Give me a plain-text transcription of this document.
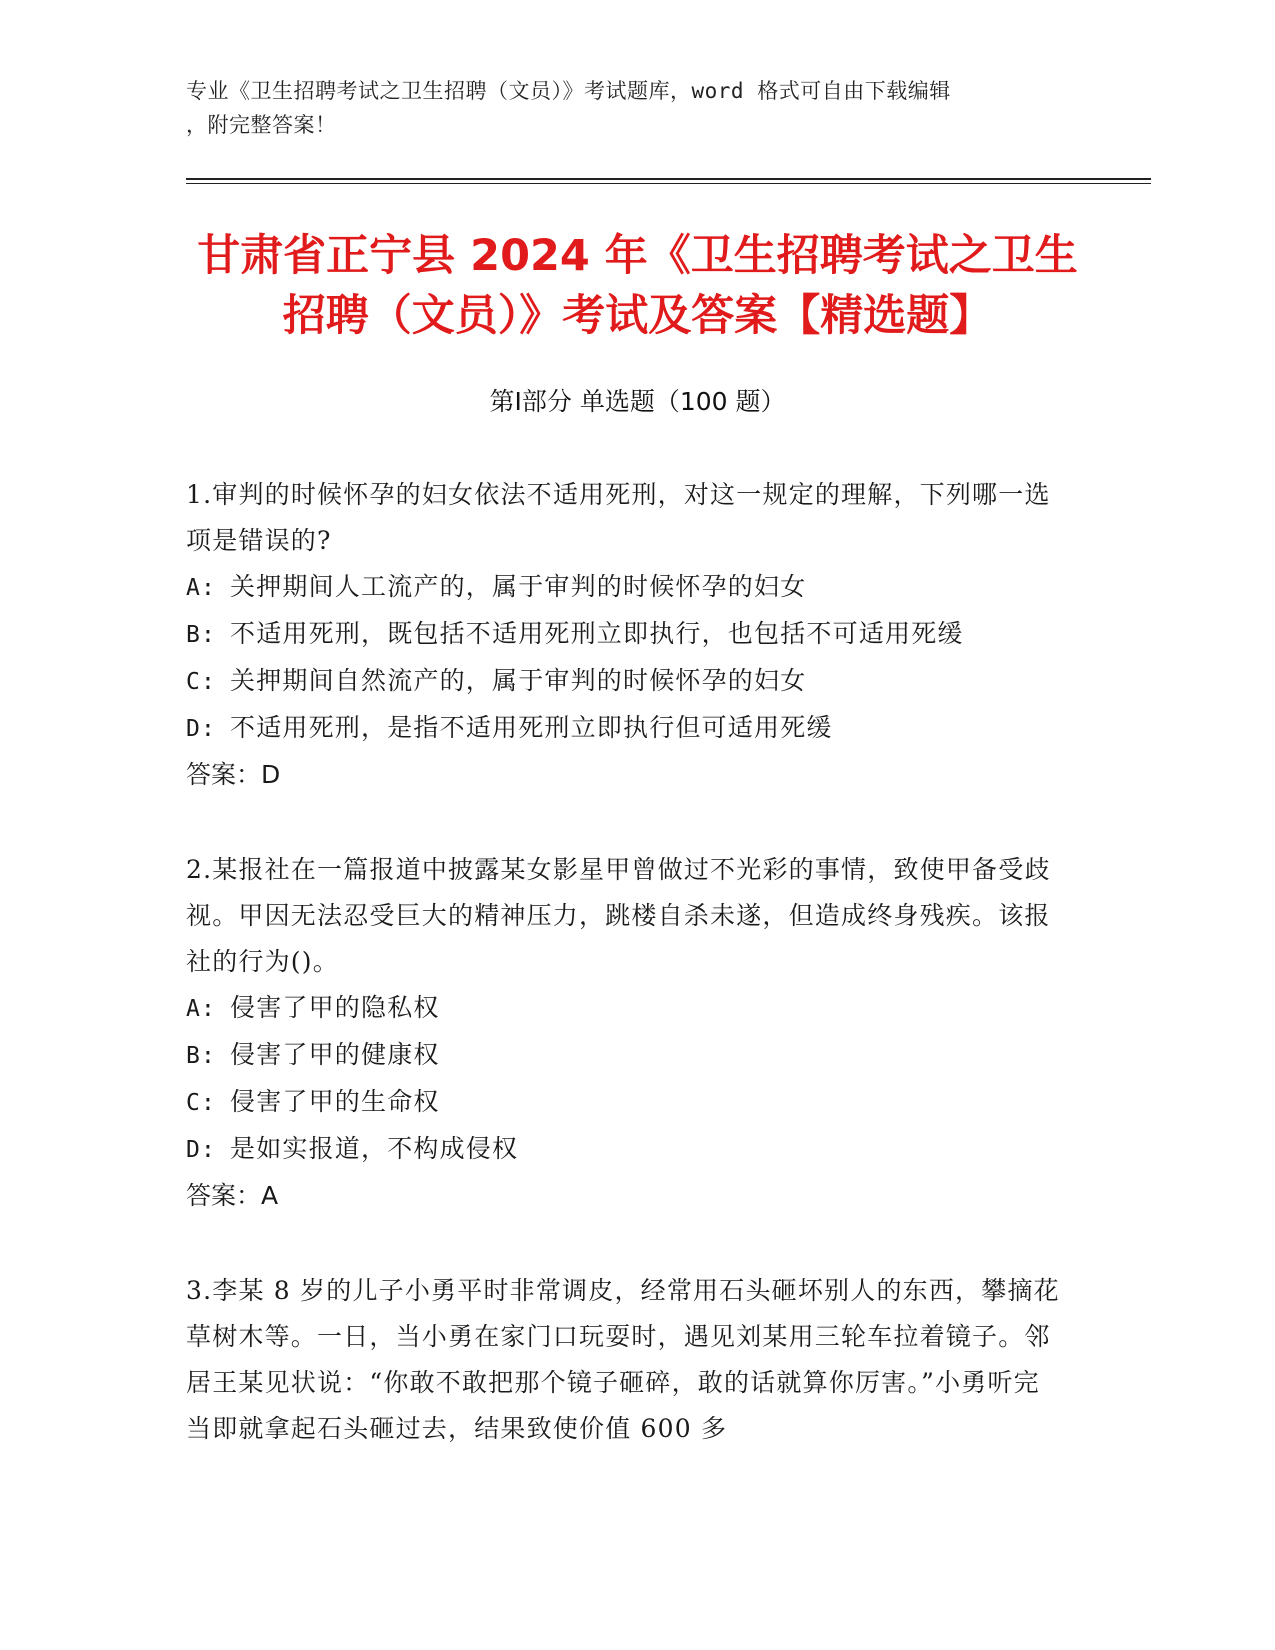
专业《卫生招聘考试之卫生招聘（文员）》考试题库，word 格式可自由下载编辑
，附完整答案！
甘肃省正宁县 2024 年《卫生招聘考试之卫生
招聘（文员）》考试及答案【精选题】
第Ⅰ部分 单选题（100 题）

1.审判的时候怀孕的妇女依法不适用死刑，对这一规定的理解，下列哪一选项是错误的?

A: 关押期间人工流产的，属于审判的时候怀孕的妇女

B: 不适用死刑，既包括不适用死刑立即执行，也包括不可适用死缓

C: 关押期间自然流产的，属于审判的时候怀孕的妇女

D: 不适用死刑，是指不适用死刑立即执行但可适用死缓

答案：D

2.某报社在一篇报道中披露某女影星甲曾做过不光彩的事情，致使甲备受歧视。甲因无法忍受巨大的精神压力，跳楼自杀未遂，但造成终身残疾。该报社的行为()。

A: 侵害了甲的隐私权

B: 侵害了甲的健康权

C: 侵害了甲的生命权

D: 是如实报道，不构成侵权

答案：A

3.李某 8 岁的儿子小勇平时非常调皮，经常用石头砸坏别人的东西，攀摘花草树木等。一日，当小勇在家门口玩耍时，遇见刘某用三轮车拉着镜子。邻居王某见状说：“你敢不敢把那个镜子砸碎，敢的话就算你厉害。”小勇听完当即就拿起石头砸过去，结果致使价值 600 多
